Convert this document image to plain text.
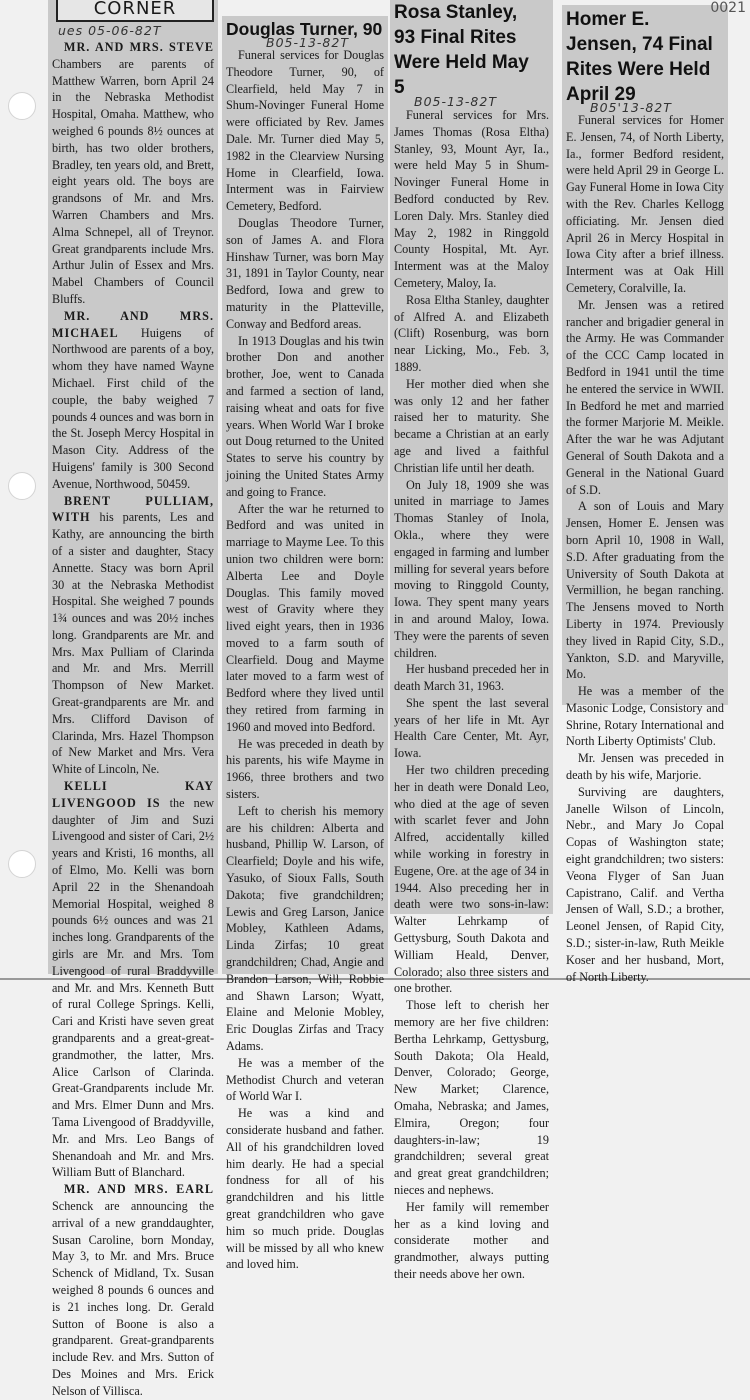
ues 05-06-82T

MR. AND MRS. STEVE Chambers are parents of Matthew Warren, born April 24 in the Nebraska Methodist Hospital, Omaha. Matthew, who weighed 6 pounds 8½ ounces at birth, has two older brothers, Bradley, ten years old, and Brett, eight years old. The boys are grandsons of Mr. and Mrs. Warren Chambers and Mrs. Alma Schnepel, all of Treynor. Great grandparents include Mrs. Arthur Julin of Essex and Mrs. Mabel Chambers of Council Bluffs.

MR. AND MRS. MICHAEL Huigens of Northwood are parents of a boy, whom they have named Wayne Michael. First child of the couple, the baby weighed 7 pounds 4 ounces and was born in the St. Joseph Mercy Hospital in Mason City. Address of the Huigens' family is 300 Second Avenue, Northwood, 50459.

BRENT PULLIAM, WITH his parents, Les and Kathy, are announcing the birth of a sister and daughter, Stacy Annette. Stacy was born April 30 at the Nebraska Methodist Hospital. She weighed 7 pounds 1¾ ounces and was 20½ inches long. Grandparents are Mr. and Mrs. Max Pulliam of Clarinda and Mr. and Mrs. Merrill Thompson of New Market. Great-grandparents are Mr. and Mrs. Clifford Davison of Clarinda, Mrs. Hazel Thompson of New Market and Mrs. Vera White of Lincoln, Ne.

KELLI KAY LIVENGOOD IS the new daughter of Jim and Suzi Livengood and sister of Cari, 2½ years and Kristi, 16 months, all of Elmo, Mo. Kelli was born April 22 in the Shenandoah Memorial Hospital, weighed 8 pounds 6½ ounces and was 21 inches long. Grandparents of the girls are Mr. and Mrs. Tom Livengood of rural Braddyville and Mr. and Mrs. Kenneth Butt of rural College Springs. Kelli, Cari and Kristi have seven great grandparents and a great-great-grandmother, the latter, Mrs. Alice Carlson of Clarinda. Great-Grandparents include Mr. and Mrs. Elmer Dunn and Mrs. Tama Livengood of Braddyville, Mr. and Mrs. Leo Bangs of Shenandoah and Mr. and Mrs. William Butt of Blanchard.

MR. AND MRS. EARL Schenck are announcing the arrival of a new granddaughter, Susan Caroline, born Monday, May 3, to Mr. and Mrs. Bruce Schenck of Midland, Tx. Susan weighed 8 pounds 6 ounces and is 21 inches long. Dr. Gerald Sutton of Boone is also a grandparent. Great-grandparents include Rev. and Mrs. Sutton of Des Moines and Mrs. Erick Nelson of Villisca.

CORNER
Douglas Turner, 90
B05-13-82T

Funeral services for Douglas Theodore Turner, 90, of Clearfield, held May 7 in Shum-Novinger Funeral Home were officiated by Rev. James Dale. Mr. Turner died May 5, 1982 in the Clearview Nursing Home in Clearfield, Iowa. Interment was in Fairview Cemetery, Bedford.

Douglas Theodore Turner, son of James A. and Flora Hinshaw Turner, was born May 31, 1891 in Taylor County, near Bedford, Iowa and grew to maturity in the Platteville, Conway and Bedford areas.

In 1913 Douglas and his twin brother Don and another brother, Joe, went to Canada and farmed a section of land, raising wheat and oats for five years. When World War I broke out Doug returned to the United States to serve his country by joining the United States Army and going to France.

After the war he returned to Bedford and was united in marriage to Mayme Lee. To this union two children were born: Alberta Lee and Doyle Douglas. This family moved west of Gravity where they lived eight years, then in 1936 moved to a farm south of Clearfield. Doug and Mayme later moved to a farm west of Bedford where they lived until they retired from farming in 1960 and moved into Bedford.

He was preceded in death by his parents, his wife Mayme in 1966, three brothers and two sisters.

Left to cherish his memory are his children: Alberta and husband, Phillip W. Larson, of Clearfield; Doyle and his wife, Yasuko, of Sioux Falls, South Dakota; five grandchildren; Lewis and Greg Larson, Janice Mobley, Kathleen Adams, Linda Zirfas; 10 great grandchildren; Chad, Angie and Brandon Larson, Will, Robbie and Shawn Larson; Wyatt, Elaine and Melonie Mobley, Eric Douglas Zirfas and Tracy Adams.

He was a member of the Methodist Church and veteran of World War I.

He was a kind and considerate husband and father. All of his grandchildren loved him dearly. He had a special fondness for all of his grandchildren and his little great grandchildren who gave him so much pride. Douglas will be missed by all who knew and loved him.

Rosa Stanley, 93 Final Rites Were Held May 5
B05-13-82T

Funeral services for Mrs. James Thomas (Rosa Eltha) Stanley, 93, Mount Ayr, Ia., were held May 5 in Shum-Novinger Funeral Home in Bedford conducted by Rev. Loren Daly. Mrs. Stanley died May 2, 1982 in Ringgold County Hospital, Mt. Ayr. Interment was at the Maloy Cemetery, Maloy, Ia.

Rosa Eltha Stanley, daughter of Alfred A. and Elizabeth (Clift) Rosenburg, was born near Licking, Mo., Feb. 3, 1889.

Her mother died when she was only 12 and her father raised her to maturity. She became a Christian at an early age and lived a faithful Christian life until her death.

On July 18, 1909 she was united in marriage to James Thomas Stanley of Inola, Okla., where they were engaged in farming and lumber milling for several years before moving to Ringgold County, Iowa. They spent many years in and around Maloy, Iowa. They were the parents of seven children.

Her husband preceded her in death March 31, 1963.

She spent the last several years of her life in Mt. Ayr Health Care Center, Mt. Ayr, Iowa.

Her two children preceding her in death were Donald Leo, who died at the age of seven with scarlet fever and John Alfred, accidentally killed while working in forestry in Eugene, Ore. at the age of 34 in 1944. Also preceding her in death were two sons-in-law: Walter Lehrkamp of Gettysburg, South Dakota and William Heald, Denver, Colorado; also three sisters and one brother.

Those left to cherish her memory are her five children: Bertha Lehrkamp, Gettysburg, South Dakota; Ola Heald, Denver, Colorado; George, New Market; Clarence, Omaha, Nebraska; and James, Elmira, Oregon; four daughters-in-law; 19 grandchildren; several great and great great grandchildren; nieces and nephews.

Her family will remember her as a kind loving and considerate mother and grandmother, always putting their needs above her own.

Homer E. Jensen, 74 Final Rites Were Held April 29
B05'13-82T

Funeral services for Homer E. Jensen, 74, of North Liberty, Ia., former Bedford resident, were held April 29 in George L. Gay Funeral Home in Iowa City with the Rev. Charles Kellogg officiating. Mr. Jensen died April 26 in Mercy Hospital in Iowa City after a brief illness. Interment was at Oak Hill Cemetery, Coralville, Ia.

Mr. Jensen was a retired rancher and brigadier general in the Army. He was Commander of the CCC Camp located in Bedford in 1941 until the time he entered the service in WWII. In Bedford he met and married the former Marjorie M. Meikle. After the war he was Adjutant General of South Dakota and a General in the National Guard of S.D.

A son of Louis and Mary Jensen, Homer E. Jensen was born April 10, 1908 in Wall, S.D. After graduating from the University of South Dakota at Vermillion, he began ranching. The Jensens moved to North Liberty in 1974. Previously they lived in Rapid City, S.D., Yankton, S.D. and Maryville, Mo.

He was a member of the Masonic Lodge, Consistory and Shrine, Rotary International and North Liberty Optimists' Club.

Mr. Jensen was preceded in death by his wife, Marjorie.

Surviving are daughters, Janelle Wilson of Lincoln, Nebr., and Mary Jo Copal Copas of Washington state; eight grandchildren; two sisters: Veona Flyger of San Juan Capistrano, Calif. and Vertha Jensen of Wall, S.D.; a brother, Leonel Jensen, of Rapid City, S.D.; sister-in-law, Ruth Meikle Koser and her husband, Mort, of North Liberty.

0021
